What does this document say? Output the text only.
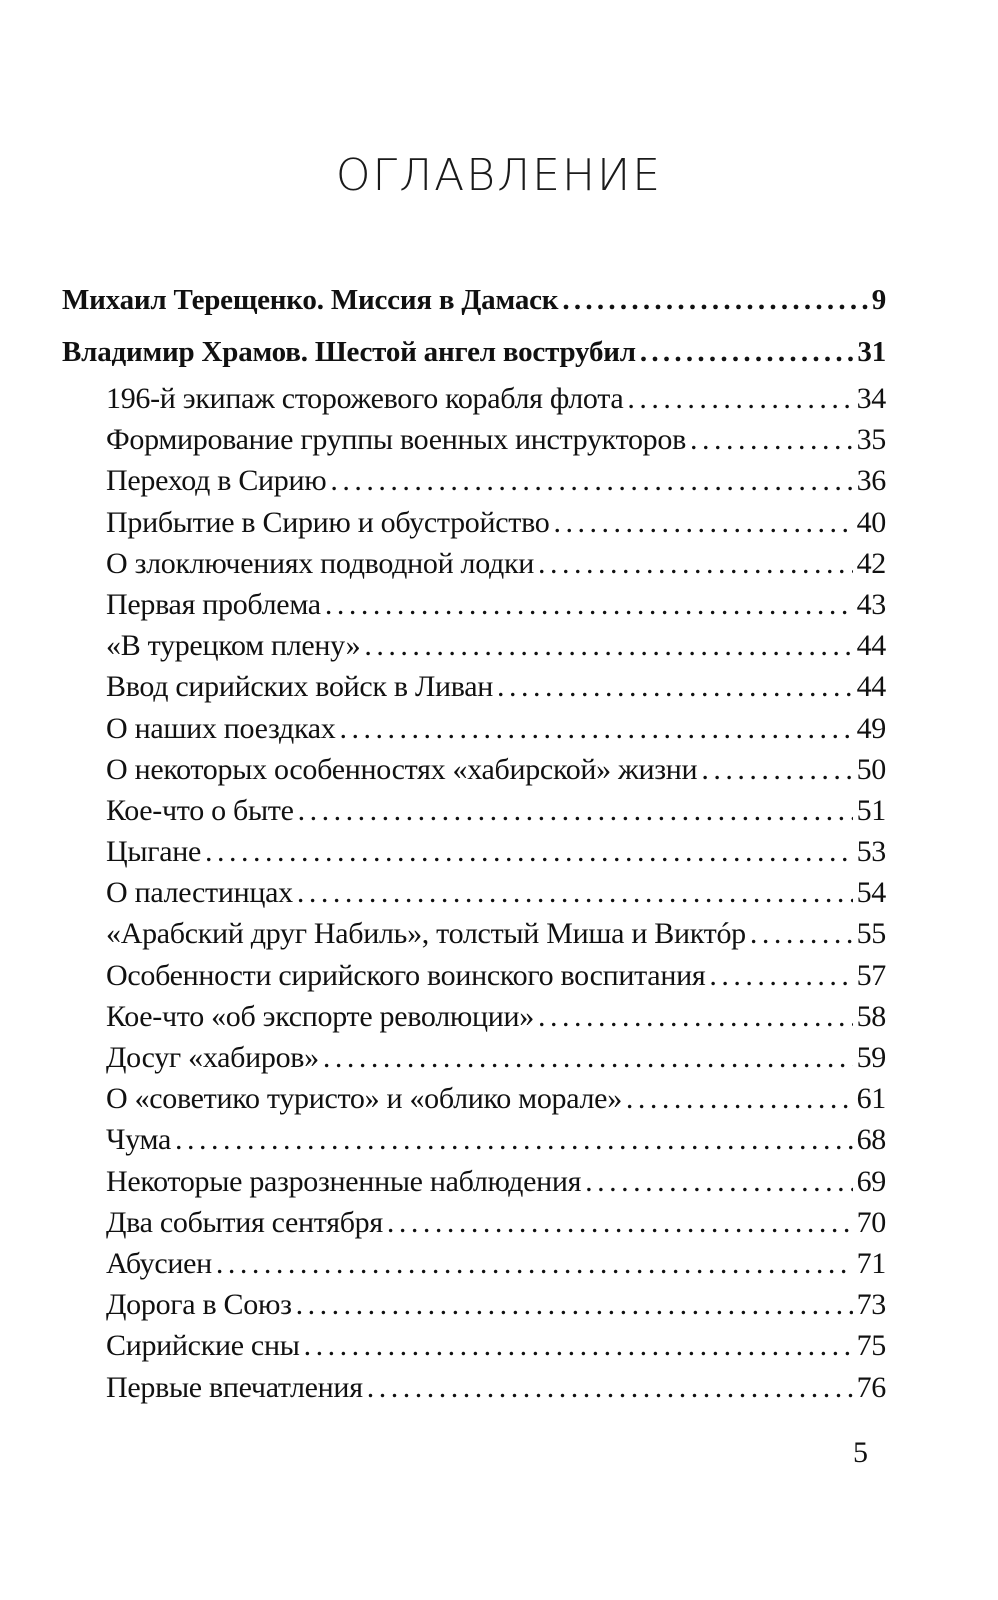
ОГЛАВЛЕНИЕ
Михаил Терещенко. Миссия в Дамаск . . .	9
Владимир Храмов. Шестой ангел вострубил . . .	31
196-й экипаж сторожевого корабля флота . . .	34
Формирование группы военных инструкторов . . .	35
Переход в Сирию . . .	36
Прибытие в Сирию и обустройство . . .	40
О злоключениях подводной лодки . . .	42
Первая проблема . . .	43
«В турецком плену» . . .	44
Ввод сирийских войск в Ливан . . .	44
О наших поездках . . .	49
О некоторых особенностях «хабирской» жизни . . .	50
Кое-что о быте . . .	51
Цыгане . . .	53
О палестинцах . . .	54
«Арабский друг Набиль», толстый Миша и Виктóр . . .	55
Особенности сирийского воинского воспитания . . .	57
Кое-что «об экспорте революции» . . .	58
Досуг «хабиров» . . .	59
О «советико туристо» и «облико морале» . . .	61
Чума . . .	68
Некоторые разрозненные наблюдения . . .	69
Два события сентября . . .	70
Абусиен . . .	71
Дорога в Союз . . .	73
Сирийские сны . . .	75
Первые впечатления . . .	76

5
